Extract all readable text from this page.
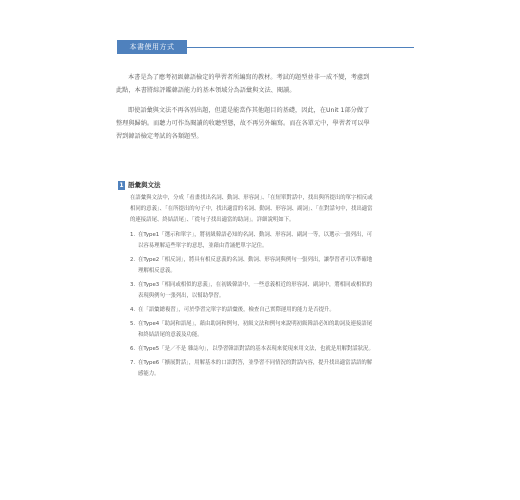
本書使用方式

本書是為了應考初級韓語檢定的學習者所編寫的教材。考試的題型並非一成不變，考慮到此點，本書將綜評鑑韓語能力的基本領域分為語彙與文法、閱讀。

即使語彙與文法不再各別出題，但還是能當作其他題目的基礎，因此，在Unit 1部分做了整理與歸納。而聽力可作為閱讀的收聽型態，故不再另外編寫。而在各單元中，學習者可以學習到韓語檢定考試的各類題型。

1 語彙與文法

在語彙與文法中，分成「看畫找出名詞、動詞、形容詞」、「在短單對話中，找出與所提出的單字相反或相同的意義」、「在所提出的句子中，找出適當的名詞、動詞、形容詞、副詞」、「在對話句中，找出適當的連接語尾、終結語尾」、「從句子找出適當的助詞」。詳細說明如下。

1. 在Type1「選示和單字」，將初級韓語必知的名詞、動詞、形容詞、副詞一等，以選示一張列出，可以容易理解這些單字的意思，並藉由背誦把單字記住。
2. 在Type2「相反詞」，將具有相反意義的名詞、動詞、形容詞與例句一張列出，讓學習者可以準確地理解相反意義。
3. 在Type3「相同或相似的意義」，在初級韓語中，一些意義相近的形容詞、副詞中，將相同或相似的表現與例句一張列出，以幫助學習。
4. 在「語彙總複習」，可於學習完單字的語彙後，檢查自己實際運用的能力是否提升。
5. 在Type4「助詞和語尾」，藉由助詞和例句，初級文法和例句來說明初級韓語必知的助詞及連接語尾和終結語尾的意義及功能。
6. 在Type5「是／不是 雜誌句」，以學習韓語對話的基本表現來從現來用文法，也就是用解對話狀況。
7. 在Type6「擴展對話」，用解基本的口語對答，並學習不同情況的對話內容，提升找出適當話語的解感能力。
